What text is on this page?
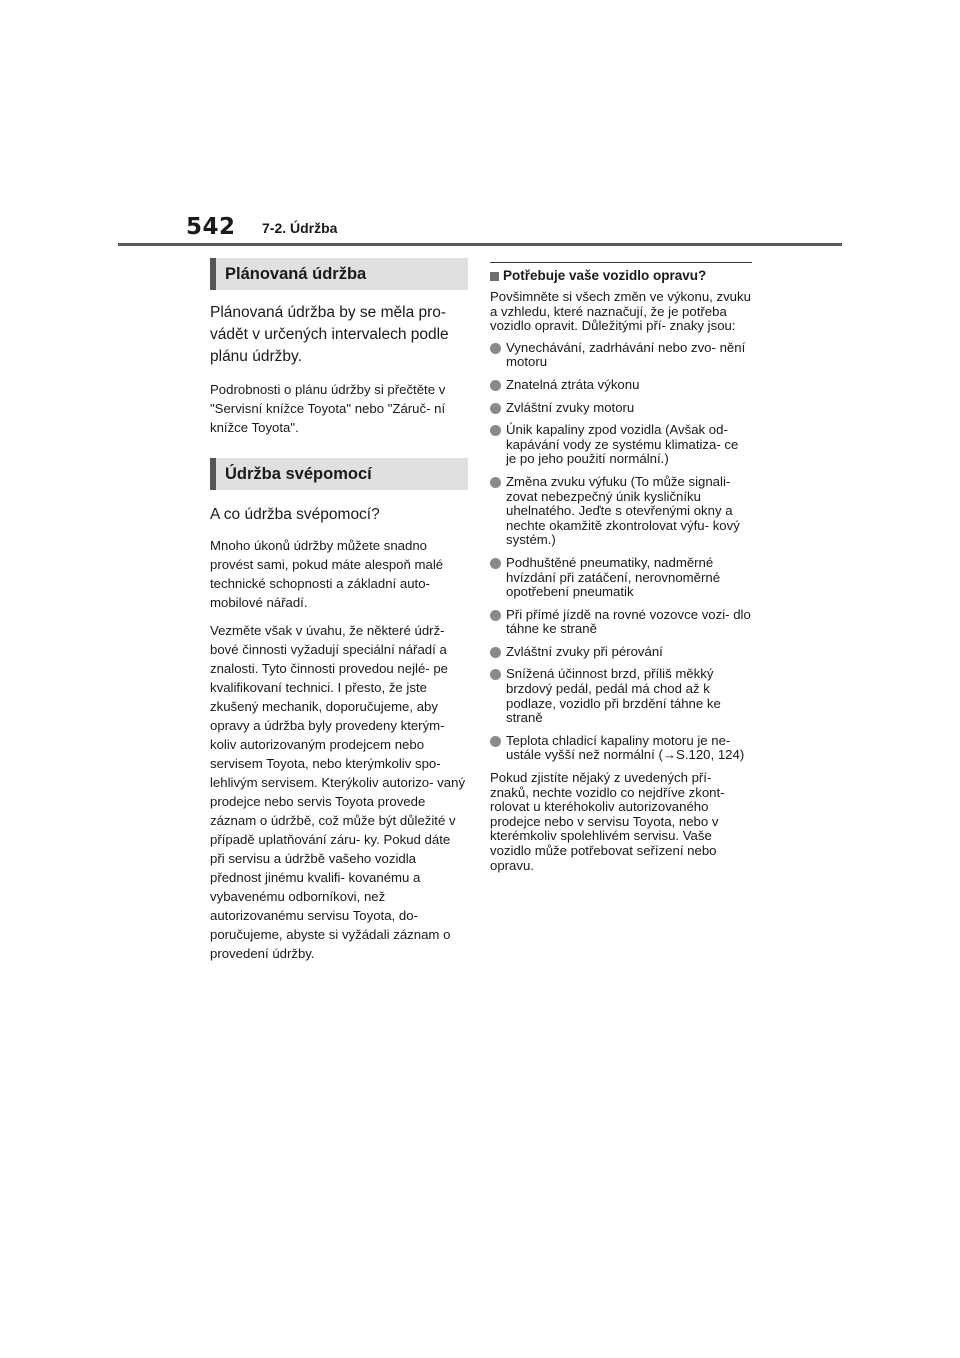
542 7-2. Údržba
Plánovaná údržba
Plánovaná údržba by se měla pro- vádět v určených intervalech podle plánu údržby.

Podrobnosti o plánu údržby si přečtěte v "Servisní knížce Toyota" nebo "Záruč- ní knížce Toyota".

Údržba svépomocí
A co údržba svépomocí?

Mnoho úkonů údržby můžete snadno provést sami, pokud máte alespoň malé technické schopnosti a základní auto- mobilové nářadí.

Vezměte však v úvahu, že některé údrž- bové činnosti vyžadují speciální nářadí a znalosti. Tyto činnosti provedou nejlé- pe kvalifikovaní technici. I přesto, že jste zkušený mechanik, doporučujeme, aby opravy a údržba byly provedeny kterým- koliv autorizovaným prodejcem nebo servisem Toyota, nebo kterýmkoliv spo- lehlivým servisem. Kterýkoliv autorizo- vaný prodejce nebo servis Toyota provede záznam o údržbě, což může být důležité v případě uplatňování záru- ky. Pokud dáte při servisu a údržbě vašeho vozidla přednost jinému kvalifi- kovanému a vybavenému odborníkovi, než autorizovanému servisu Toyota, do- poručujeme, abyste si vyžádali záznam o provedení údržby.

Potřebuje vaše vozidlo opravu?
Povšimněte si všech změn ve výkonu, zvuku a vzhledu, které naznačují, že je potřeba vozidlo opravit. Důležitými pří- znaky jsou:
Vynechávání, zadrhávání nebo zvo- nění motoru
Znatelná ztráta výkonu
Zvláštní zvuky motoru
Únik kapaliny zpod vozidla (Avšak od- kapávání vody ze systému klimatiza- ce je po jeho použití normální.)
Změna zvuku výfuku (To může signali- zovat nebezpečný únik kysličníku uhelnatého. Jeďte s otevřenými okny a nechte okamžitě zkontrolovat výfu- kový systém.)
Podhuštěné pneumatiky, nadměrné hvízdání při zatáčení, nerovnoměrné opotřebení pneumatik
Při přímé jízdě na rovné vozovce vozi- dlo táhne ke straně
Zvláštní zvuky při pérování
Snížená účinnost brzd, příliš měkký brzdový pedál, pedál má chod až k podlaze, vozidlo při brzdění táhne ke straně
Teplota chladicí kapaliny motoru je ne- ustále vyšší než normální (→S.120, 124)
Pokud zjistíte nějaký z uvedených pří- znaků, nechte vozidlo co nejdříve zkont- rolovat u kteréhokoliv autorizovaného prodejce nebo v servisu Toyota, nebo v kterémkoliv spolehlivém servisu. Vaše vozidlo může potřebovat seřízení nebo opravu.
